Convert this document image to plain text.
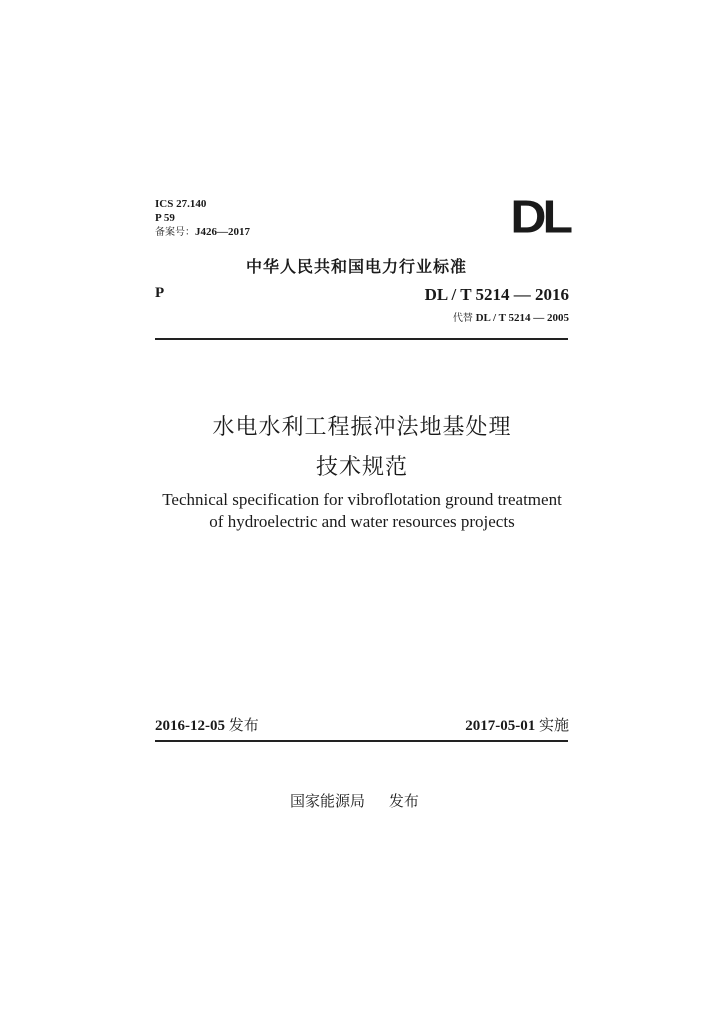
ICS 27.140
P 59
备案号：J426—2017	DL
中华人民共和国电力行业标准
P	DL / T 5214 — 2016
代替 DL / T 5214 — 2005
水电水利工程振冲法地基处理
技术规范
Technical specification for vibroflotation ground treatment
of hydroelectric and water resources projects
2016-12-05 发布	2017-05-01 实施
国家能源局 发布
